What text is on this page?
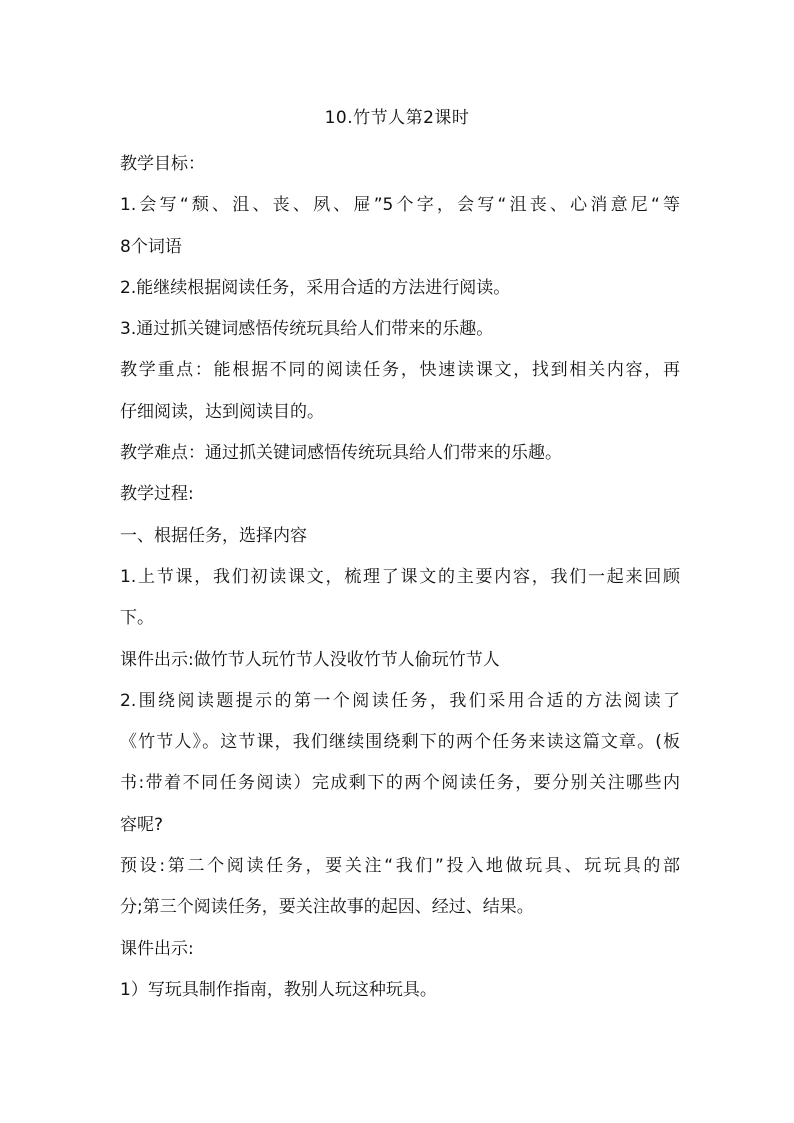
10.竹节人第2课时
教学目标：
1.会写“颓、沮、丧、夙、屉”5个字，会写“沮丧、心消意尼“等
8个词语
2.能继续根据阅读任务，采用合适的方法进行阅读。
3.通过抓关键词感悟传统玩具给人们带来的乐趣。
教学重点：能根据不同的阅读任务，快速读课文，找到相关内容，再
仔细阅读，达到阅读目的。
教学难点：通过抓关键词感悟传统玩具给人们带来的乐趣。
教学过程:
一、根据任务，选择内容
1.上节课，我们初读课文，梳理了课文的主要内容，我们一起来回顾
下。
课件出示:做竹节人玩竹节人没收竹节人偷玩竹节人
2.围绕阅读题提示的第一个阅读任务，我们采用合适的方法阅读了
《竹节人》。这节课，我们继续围绕剩下的两个任务来读这篇文章。(板
书:带着不同任务阅读）完成剩下的两个阅读任务，要分别关注哪些内
容呢?
预设:第二个阅读任务，要关注“我们”投入地做玩具、玩玩具的部
分;第三个阅读任务，要关注故事的起因、经过、结果。
课件出示:
1）写玩具制作指南，教别人玩这种玩具。
